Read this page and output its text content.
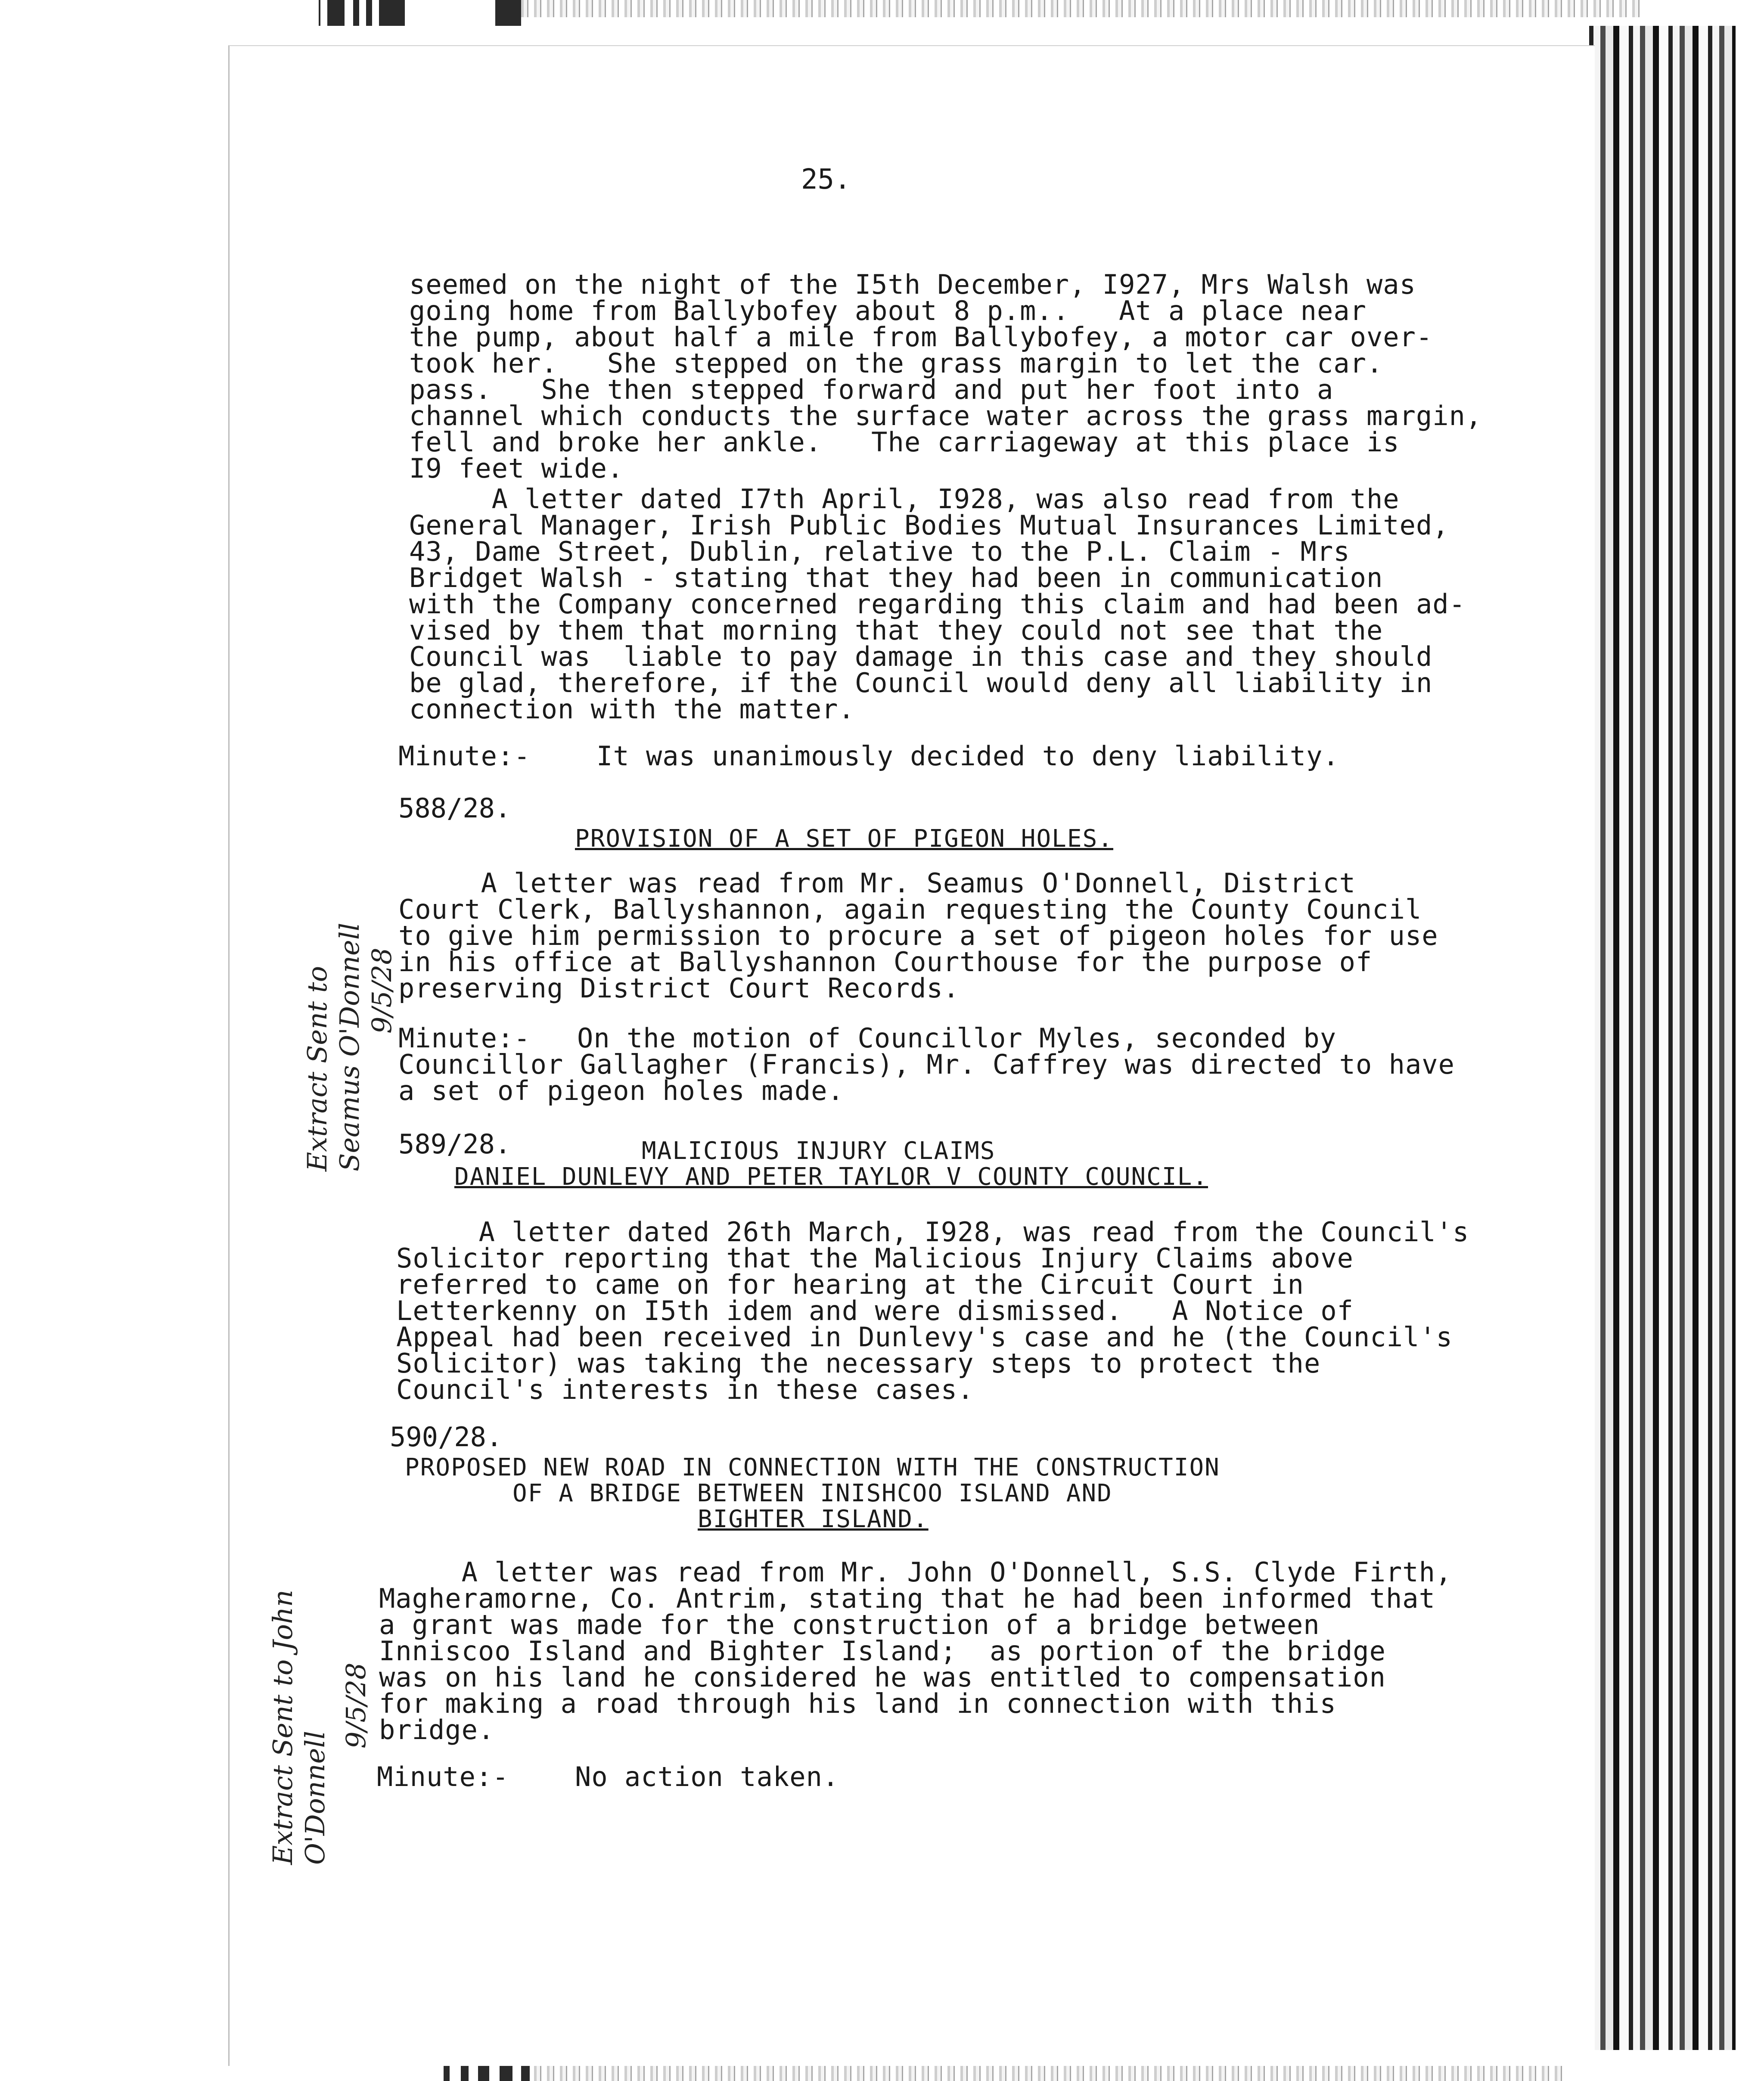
25.
seemed on the night of the I5th December, I927, Mrs Walsh was
going home from Ballybofey about 8 p.m..   At a place near
the pump, about half a mile from Ballybofey, a motor car over-
took her.   She stepped on the grass margin to let the car.
pass.   She then stepped forward and put her foot into a
channel which conducts the surface water across the grass margin,
fell and broke her ankle.   The carriageway at this place is
I9 feet wide.
A letter dated I7th April, I928, was also read from the
General Manager, Irish Public Bodies Mutual Insurances Limited,
43, Dame Street, Dublin, relative to the P.L. Claim - Mrs
Bridget Walsh - stating that they had been in communication
with the Company concerned regarding this claim and had been ad-
vised by them that morning that they could not see that the
Council was  liable to pay damage in this case and they should
be glad, therefore, if the Council would deny all liability in
connection with the matter.
Minute:- It was unanimously decided to deny liability.
588/28.
PROVISION OF A SET OF PIGEON HOLES.
A letter was read from Mr. Seamus O'Donnell, District
Court Clerk, Ballyshannon, again requesting the County Council
to give him permission to procure a set of pigeon holes for use
in his office at Ballyshannon Courthouse for the purpose of
preserving District Court Records.
Minute:- On the motion of Councillor Myles, seconded by
Councillor Gallagher (Francis), Mr. Caffrey was directed to have
a set of pigeon holes made.
Extract Sent to Seamus O'Donnell 9/5/28
589/28.	MALICIOUS INJURY CLAIMS
DANIEL DUNLEVY AND PETER TAYLOR V COUNTY COUNCIL.
A letter dated 26th March, I928, was read from the Council's
Solicitor reporting that the Malicious Injury Claims above
referred to came on for hearing at the Circuit Court in
Letterkenny on I5th idem and were dismissed.   A Notice of
Appeal had been received in Dunlevy's case and he (the Council's
Solicitor) was taking the necessary steps to protect the
Council's interests in these cases.
590/28.
PROPOSED NEW ROAD IN CONNECTION WITH THE CONSTRUCTION
OF A BRIDGE BETWEEN INISHCOO ISLAND AND
BIGHTER ISLAND.
A letter was read from Mr. John O'Donnell, S.S. Clyde Firth,
Magheramorne, Co. Antrim, stating that he had been informed that
a grant was made for the construction of a bridge between
Inniscoo Island and Bighter Island;  as portion of the bridge
was on his land he considered he was entitled to compensation
for making a road through his land in connection with this
bridge.
Minute:- No action taken.
Extract Sent to John O'Donnell
9/5/28
